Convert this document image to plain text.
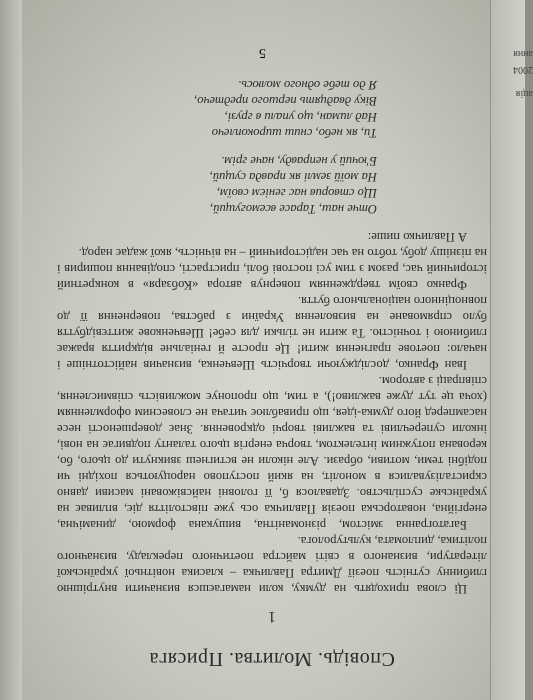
ання
2004
ація
Сповідь. Молитва. Присяга
1

Ці слова приходять на думку, коли намагаєшся визначити внутрішню глибинну сутність поезії Дмитра Павличка – класика новітньої української літератури, визнаного в світі майстра поетичного перекладу, визначного політика, дипломата, культуролога.

Багатогранна змістом, різноманітна, вишукана формою, динамічна, енергійна, новаторська поезія Павличка ось уже півстоліття діє, впливає на українське суспільство. Здавалося б, її головні найсвіжовані масиви давно скристалізувалися в моноліт, на який поступово нароцуються похідні чи подібні теми, мотиви, образи. Але ніколи не встигнеш звикнути до цього, бо, керована потужним інтелектом, творча енергія цього таланту подвигає на нові, інколи суперечливі та важливі творчі одкровення. Знає довершеності несе насамперед його думка-ідея, що приваблює читача не словесним оформленням (хоча це тут дуже важливо!), а тим, що пропонує можливість співмислення, співпраці з автором.

Іван Франко, досліджуючи творчість Шевченка, визначив найістотніше і начало: поетове прагнення жити! Це просте й геніальне відкриття вражає глибиною і точністю. Та жити не тільки для себе! Шевченкове життєвідбуття було спрямоване на визволення України з рабства, повернення її до повноцінного національного буття.

Франко своїм твердженням повернув автора «Кобзаря» в конкретний історичний час, разом з тим усі постові болі, пристрасті, сподівання поширив і на пізнішу добу, тобто на час надісторичний – на вічність, якої жадає народ.

А Павличко пише:

Отче наш, Тарасе всемогущий,
Що створив нас генієм своїм,
На моїй землі як правда сущий,
Б'ючий у неправду, наче грім.
Ти, як небо, сниш широкоплечо
Над лиман, що упали в грузі,
Віку двадцять першого предтечо,
Я до тебе одного молюсь.
5
